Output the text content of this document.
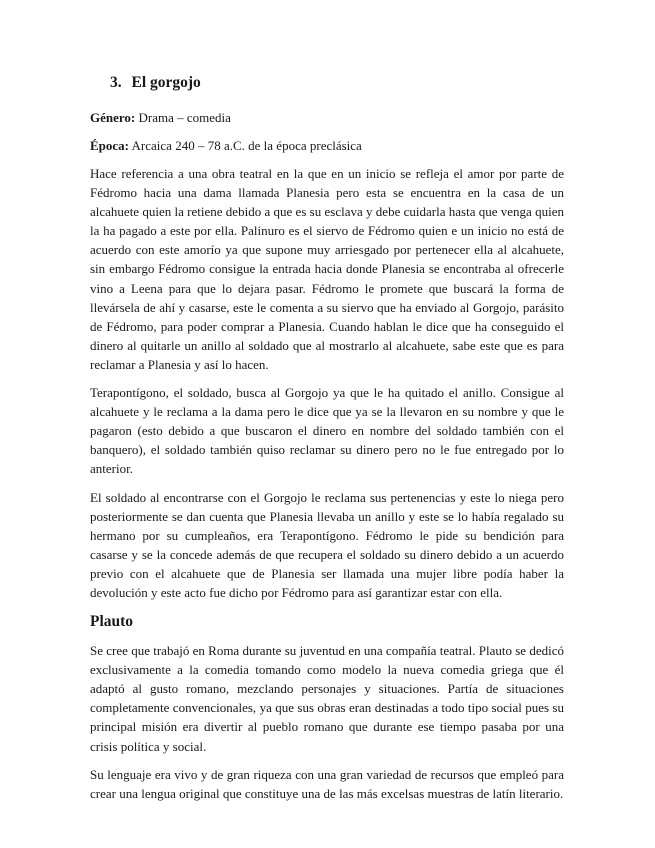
3. El gorgojo

Género: Drama – comedia

Época: Arcaica 240 – 78 a.C. de la época preclásica

Hace referencia a una obra teatral en la que en un inicio se refleja el amor por parte de Fédromo hacia una dama llamada Planesia pero esta se encuentra en la casa de un alcahuete quien la retiene debido a que es su esclava y debe cuidarla hasta que venga quien la ha pagado a este por ella. Palinuro es el siervo de Fédromo quien e un inicio no está de acuerdo con este amorío ya que supone muy arriesgado por pertenecer ella al alcahuete, sin embargo Fédromo consigue la entrada hacia donde Planesia se encontraba al ofrecerle vino a Leena para que lo dejara pasar. Fédromo le promete que buscará la forma de llevársela de ahí y casarse, este le comenta a su siervo que ha enviado al Gorgojo, parásito de Fédromo, para poder comprar a Planesia. Cuando hablan le dice que ha conseguido el dinero al quitarle un anillo al soldado que al mostrarlo al alcahuete, sabe este que es para reclamar a Planesia y así lo hacen.

Terapontígono, el soldado, busca al Gorgojo ya que le ha quitado el anillo. Consigue al alcahuete y le reclama a la dama pero le dice que ya se la llevaron en su nombre y que le pagaron (esto debido a que buscaron el dinero en nombre del soldado también con el banquero), el soldado también quiso reclamar su dinero pero no le fue entregado por lo anterior.

El soldado al encontrarse con el Gorgojo le reclama sus pertenencias y este lo niega pero posteriormente se dan cuenta que Planesia llevaba un anillo y este se lo había regalado su hermano por su cumpleaños, era Terapontígono. Fédromo le pide su bendición para casarse y se la concede además de que recupera el soldado su dinero debido a un acuerdo previo con el alcahuete que de Planesia ser llamada una mujer libre podía haber la devolución y este acto fue dicho por Fédromo para así garantizar estar con ella.

Plauto

Se cree que trabajó en Roma durante su juventud en una compañía teatral. Plauto se dedicó exclusivamente a la comedia tomando como modelo la nueva comedia griega que él adaptó al gusto romano, mezclando personajes y situaciones. Partía de situaciones completamente convencionales, ya que sus obras eran destinadas a todo tipo social pues su principal misión era divertir al pueblo romano que durante ese tiempo pasaba por una crisis política y social.

Su lenguaje era vivo y de gran riqueza con una gran variedad de recursos que empleó para crear una lengua original que constituye una de las más excelsas muestras de latín literario.
